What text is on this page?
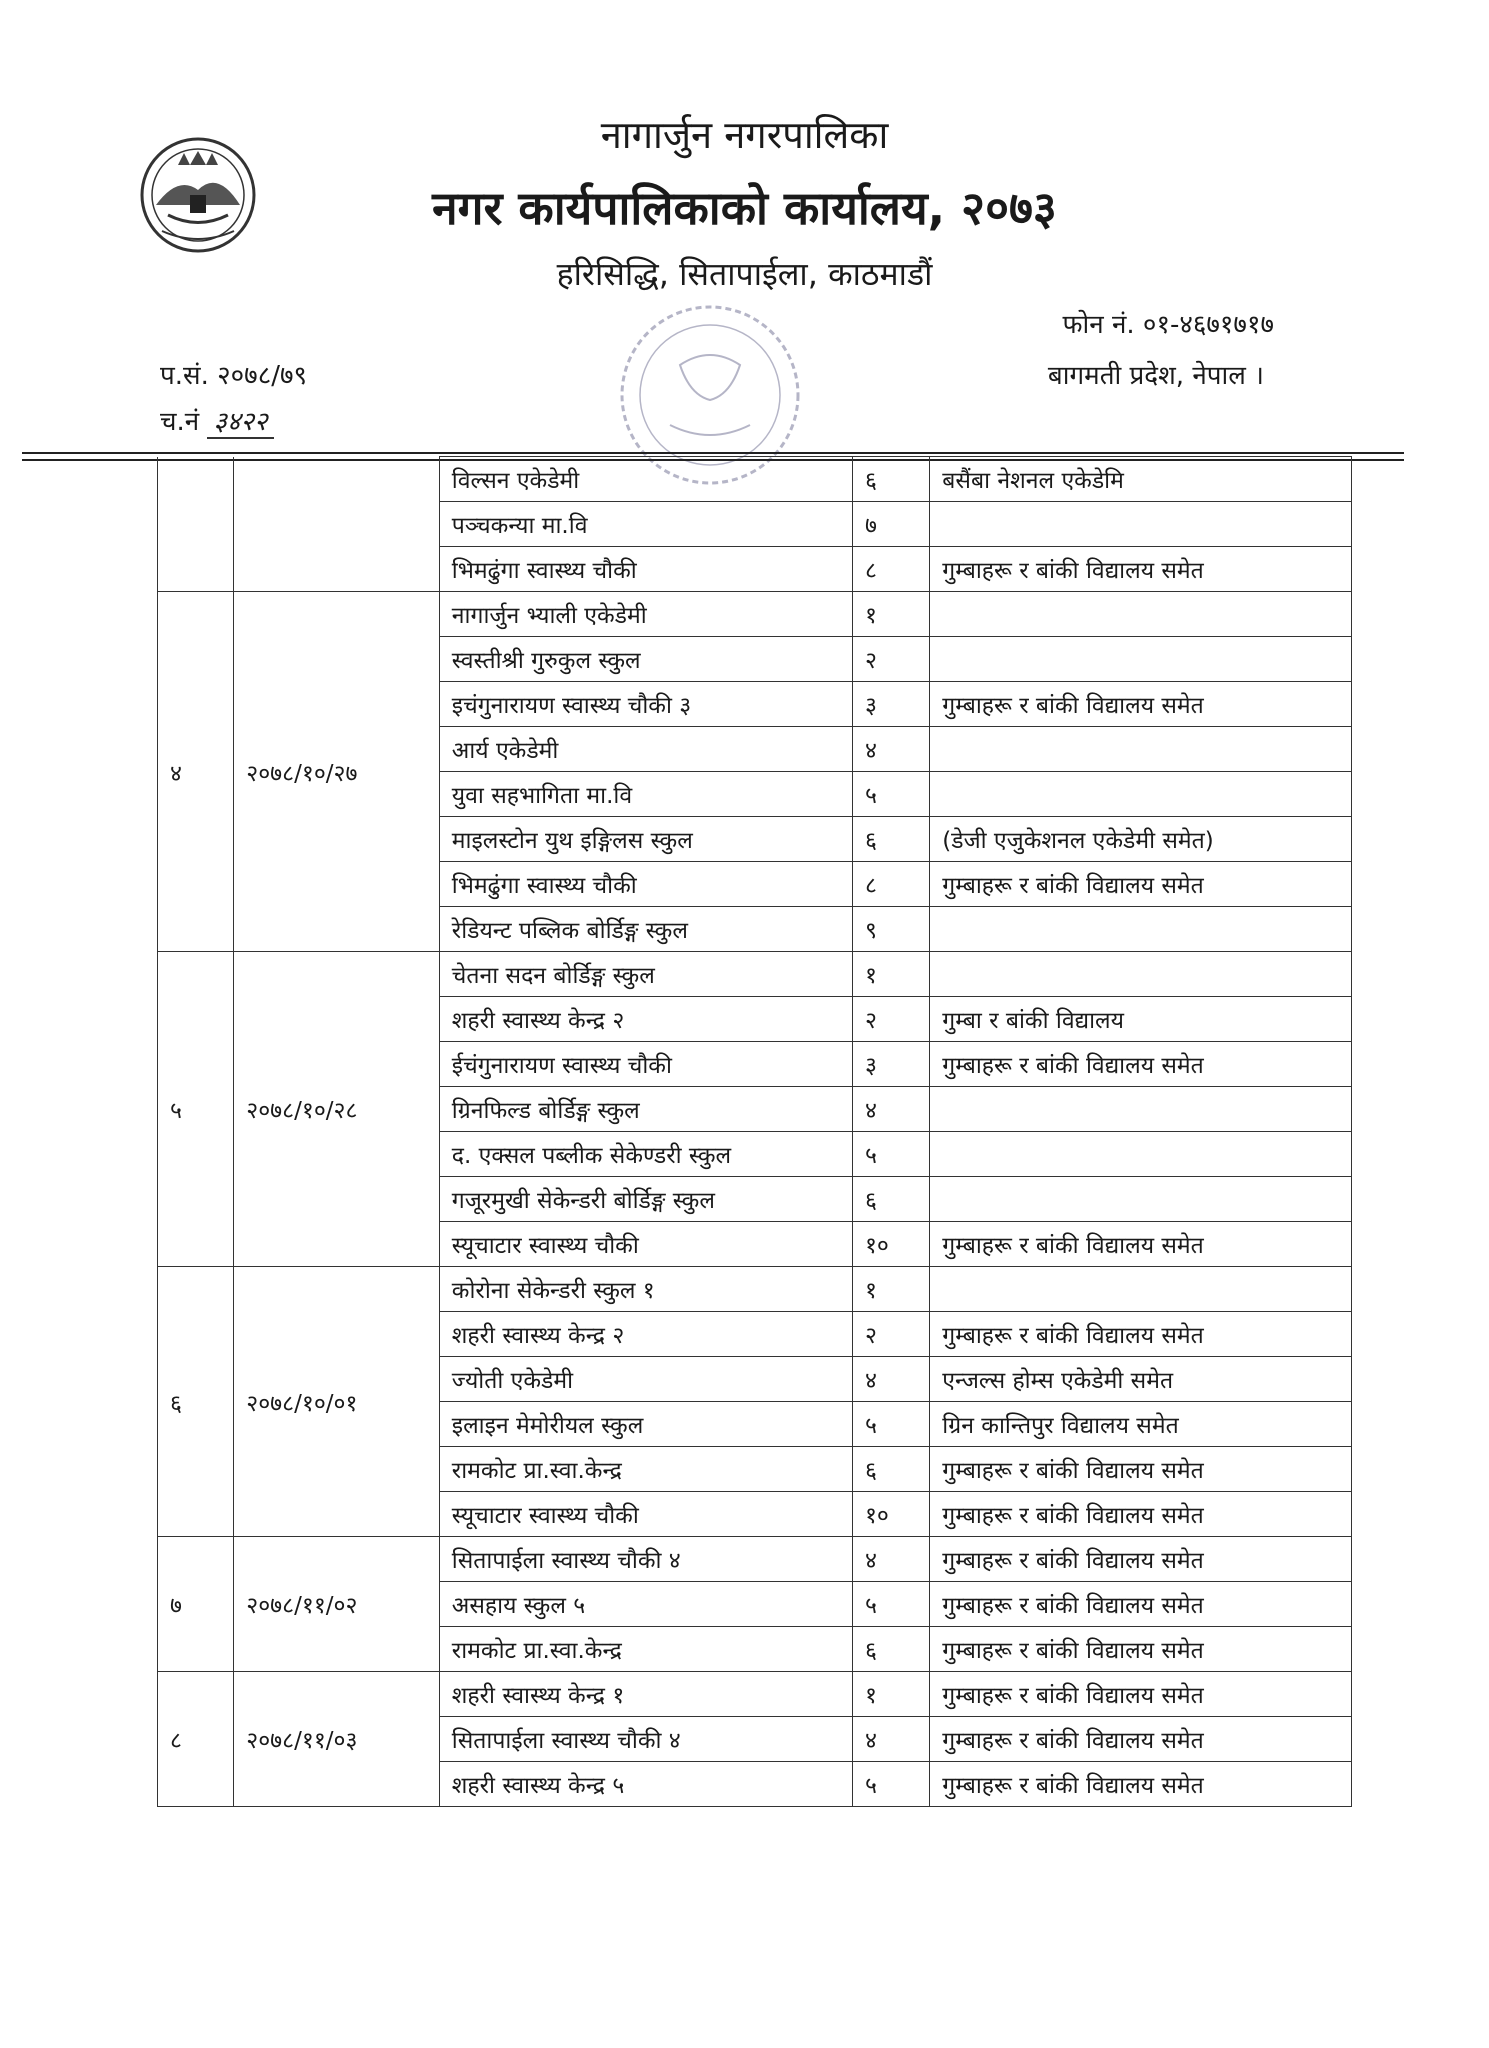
नागार्जुन नगरपालिका
नगर कार्यपालिकाको कार्यालय, २०७३
हरिसिद्धि, सितापाईला, काठमाडौं
फोन नं. ०१-४६७१७१७
बागमती प्रदेश, नेपाल ।
प.सं. २०७८/७९
च.नं ३४२२
		विल्सन एकेडेमी	६	बसैंबा नेशनल एकेडेमि
		पञ्चकन्या मा.वि	७	
		भिमढुंगा स्वास्थ्य चौकी	८	गुम्बाहरू र बांकी विद्यालय समेत
४	२०७८/१०/२७	नागार्जुन भ्याली एकेडेमी	१	
		स्वस्तीश्री गुरुकुल स्कुल	२	
		इचंगुनारायण स्वास्थ्य चौकी ३	३	गुम्बाहरू र बांकी विद्यालय समेत
		आर्य एकेडेमी	४	
		युवा सहभागिता मा.वि	५	
		माइलस्टोन युथ इङ्गिलस स्कुल	६	(डेजी एजुकेशनल एकेडेमी समेत)
		भिमढुंगा स्वास्थ्य चौकी	८	गुम्बाहरू र बांकी विद्यालय समेत
		रेडियन्ट पब्लिक बोर्डिङ्ग स्कुल	९	
५	२०७८/१०/२८	चेतना सदन बोर्डिङ्ग स्कुल	१	
		शहरी स्वास्थ्य केन्द्र २	२	गुम्बा र बांकी विद्यालय
		ईचंगुनारायण स्वास्थ्य चौकी	३	गुम्बाहरू र बांकी विद्यालय समेत
		ग्रिनफिल्ड बोर्डिङ्ग स्कुल	४	
		द. एक्सल पब्लीक सेकेण्डरी स्कुल	५	
		गजूरमुखी सेकेन्डरी बोर्डिङ्ग स्कुल	६	
		स्यूचाटार स्वास्थ्य चौकी	१०	गुम्बाहरू र बांकी विद्यालय समेत
६	२०७८/१०/०१	कोरोना सेकेन्डरी स्कुल १	१	
		शहरी स्वास्थ्य केन्द्र २	२	गुम्बाहरू र बांकी विद्यालय समेत
		ज्योती एकेडेमी	४	एन्जल्स होम्स एकेडेमी समेत
		इलाइन मेमोरीयल स्कुल	५	ग्रिन कान्तिपुर विद्यालय समेत
		रामकोट प्रा.स्वा.केन्द्र	६	गुम्बाहरू र बांकी विद्यालय समेत
		स्यूचाटार स्वास्थ्य चौकी	१०	गुम्बाहरू र बांकी विद्यालय समेत
७	२०७८/११/०२	सितापाईला स्वास्थ्य चौकी ४	४	गुम्बाहरू र बांकी विद्यालय समेत
		असहाय स्कुल ५	५	गुम्बाहरू र बांकी विद्यालय समेत
		रामकोट प्रा.स्वा.केन्द्र	६	गुम्बाहरू र बांकी विद्यालय समेत
८	२०७८/११/०३	शहरी स्वास्थ्य केन्द्र १	१	गुम्बाहरू र बांकी विद्यालय समेत
		सितापाईला स्वास्थ्य चौकी ४	४	गुम्बाहरू र बांकी विद्यालय समेत
		शहरी स्वास्थ्य केन्द्र ५	५	गुम्बाहरू र बांकी विद्यालय समेत
